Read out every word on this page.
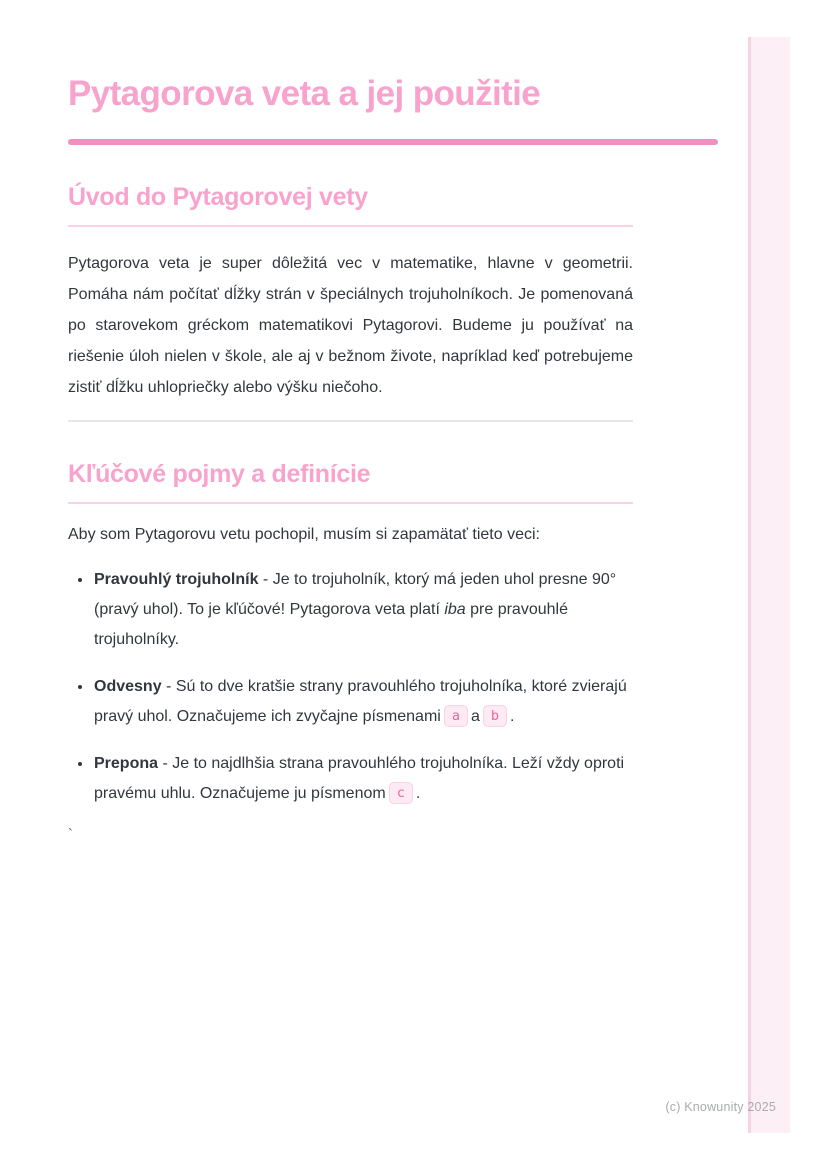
Pytagorova veta a jej použitie
Úvod do Pytagorovej vety

Pytagorova veta je super dôležitá vec v matematike, hlavne v geometrii. Pomáha nám počítať dĺžky strán v špeciálnych trojuholníkoch. Je pomenovaná po starovekom gréckom matematikovi Pytagorovi. Budeme ju používať na riešenie úloh nielen v škole, ale aj v bežnom živote, napríklad keď potrebujeme zistiť dĺžku uhlopriečky alebo výšku niečoho.

Kľúčové pojmy a definície

Aby som Pytagorovu vetu pochopil, musím si zapamätať tieto veci:

• Pravouhlý trojuholník - Je to trojuholník, ktorý má jeden uhol presne 90° (pravý uhol). To je kľúčové! Pytagorova veta platí iba pre pravouhlé trojuholníky.
• Odvesny - Sú to dve kratšie strany pravouhlého trojuholníka, ktoré zvierajú pravý uhol. Označujeme ich zvyčajne písmenami a a b .
• Prepona - Je to najdlhšia strana pravouhlého trojuholníka. Leží vždy oproti pravému uhlu. Označujeme ju písmenom c .
`
(c) Knowunity 2025
